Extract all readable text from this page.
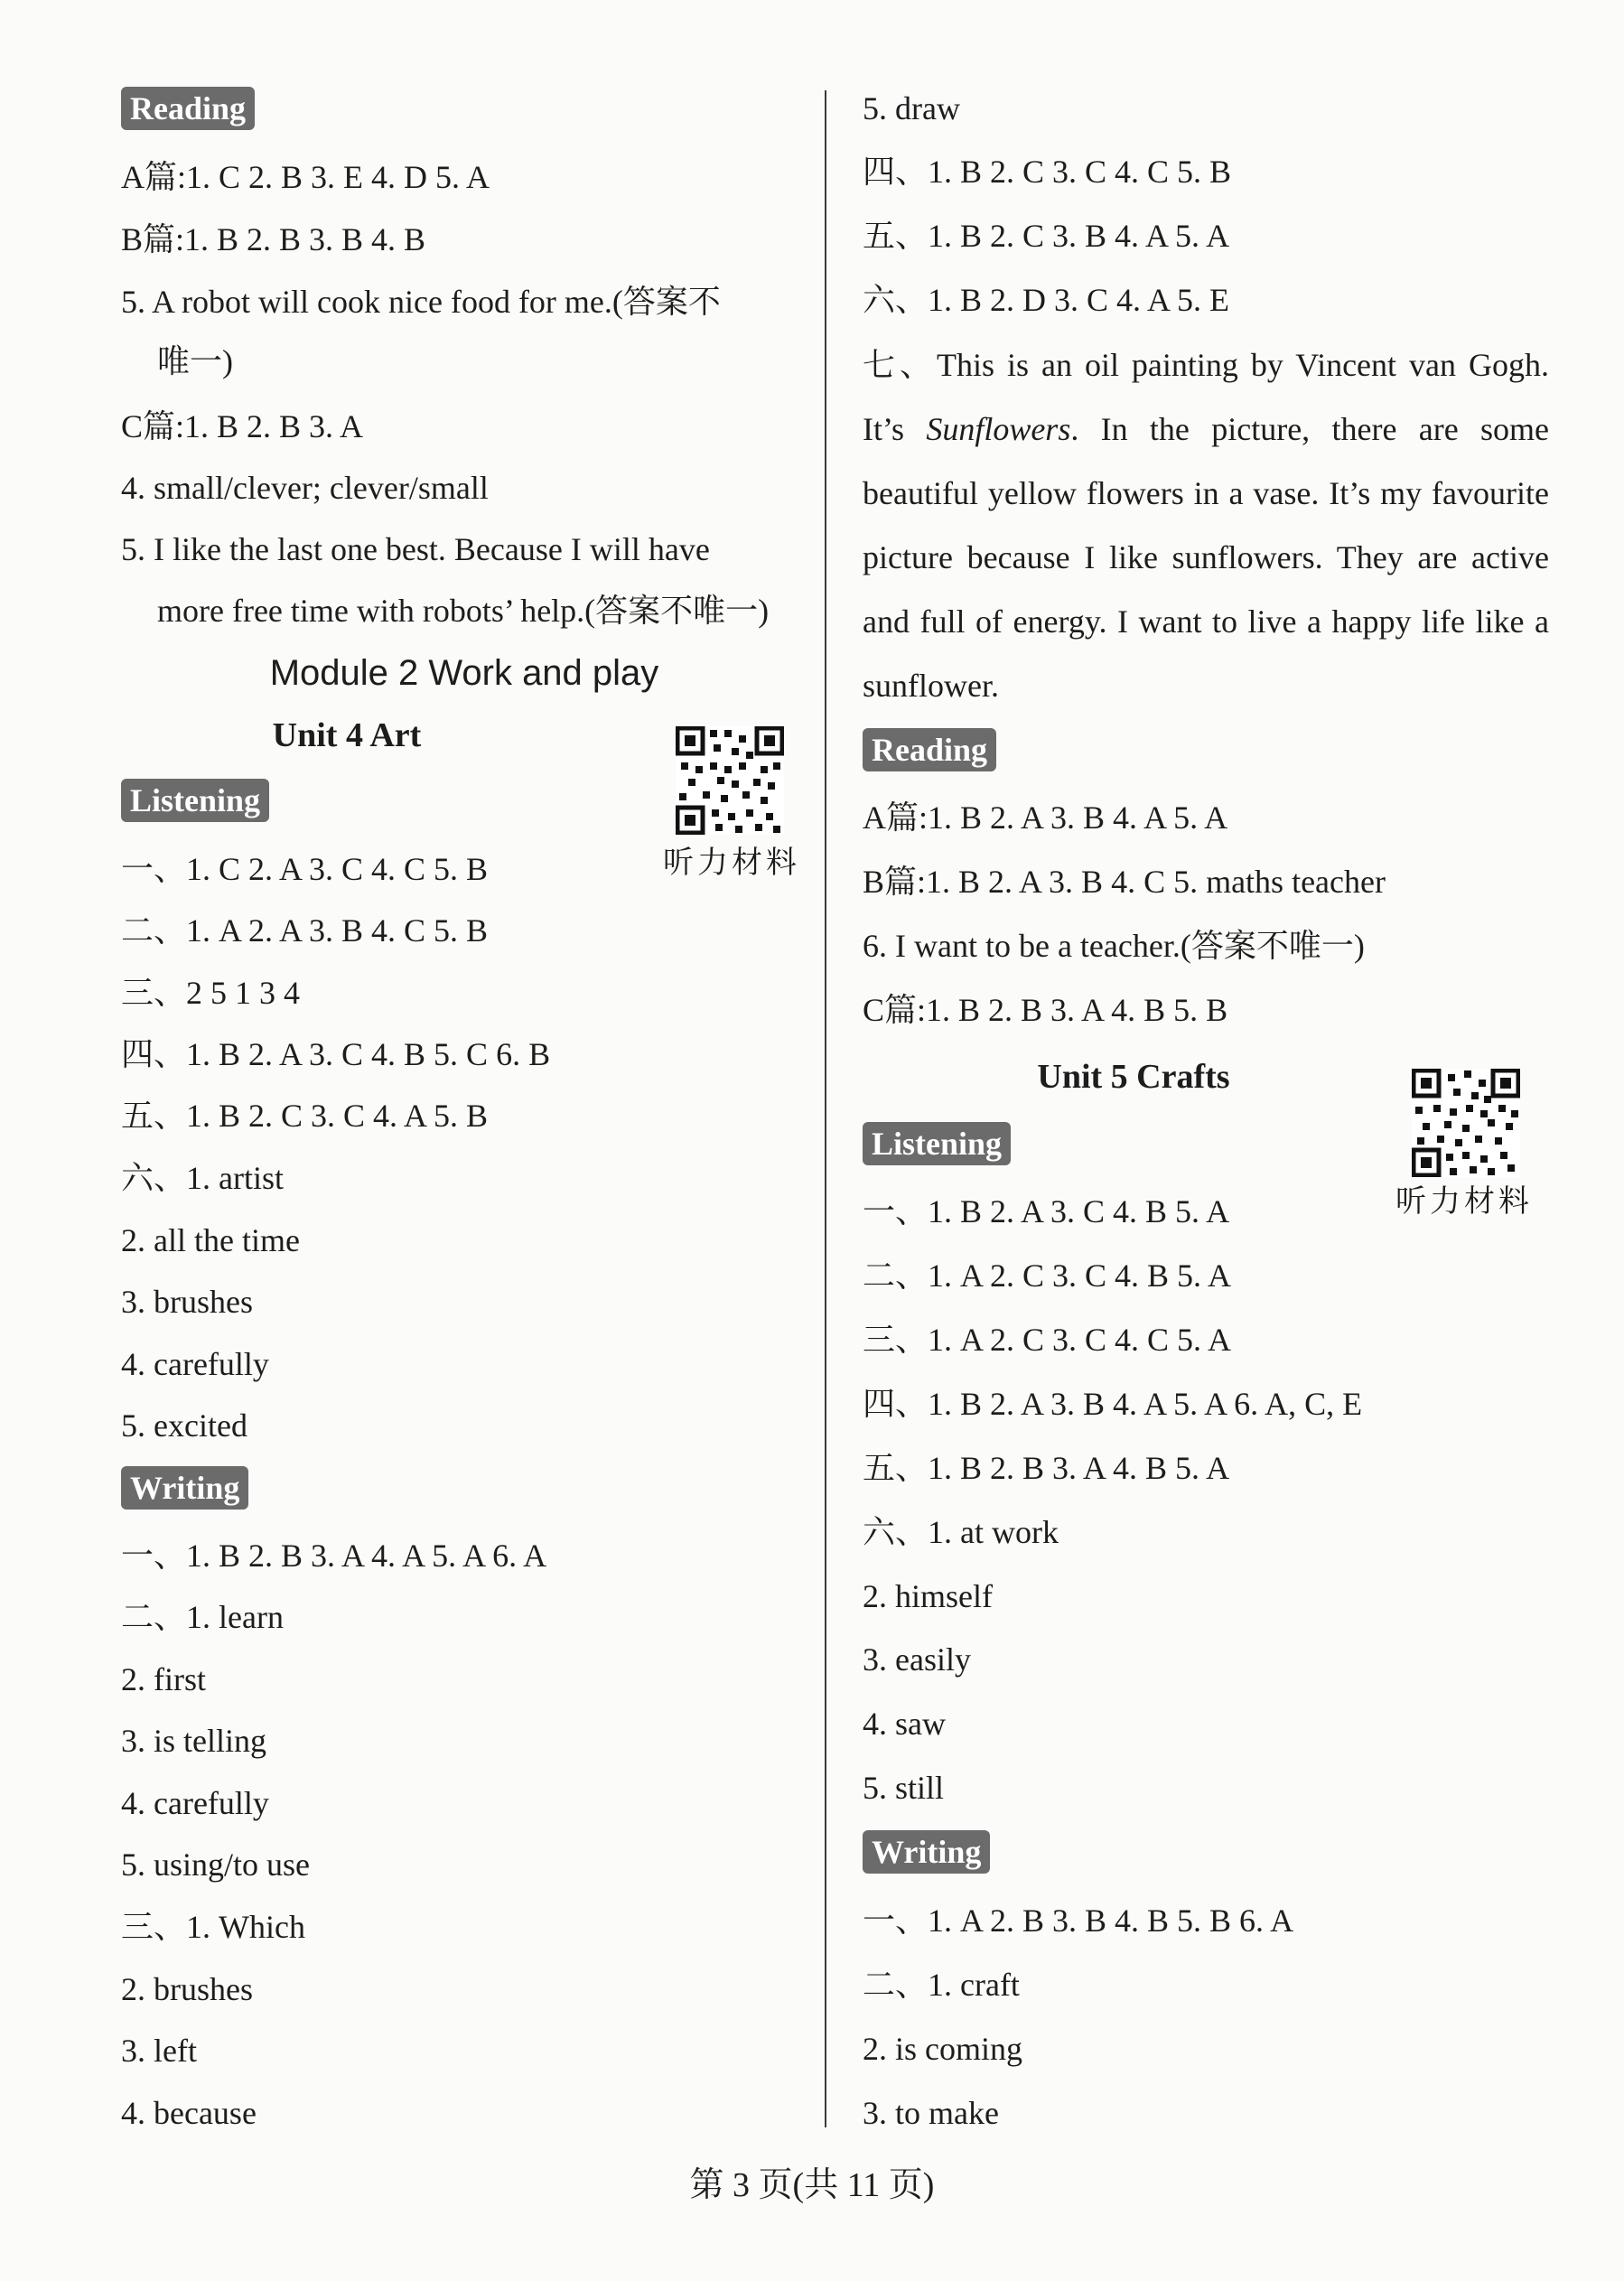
Reading
A篇:1. C 2. B 3. E 4. D 5. A
B篇:1. B 2. B 3. B 4. B
5. A robot will cook nice food for me.(答案不
唯一)
C篇:1. B 2. B 3. A
4. small/clever; clever/small
5. I like the last one best. Because I will have
more free time with robots’ help.(答案不唯一)
Module 2 Work and play
Unit 4 Art
听力材料
Listening
一、1. C 2. A 3. C 4. C 5. B
二、1. A 2. A 3. B 4. C 5. B
三、2 5 1 3 4
四、1. B 2. A 3. C 4. B 5. C 6. B
五、1. B 2. C 3. C 4. A 5. B
六、1. artist
2. all the time
3. brushes
4. carefully
5. excited
Writing
一、1. B 2. B 3. A 4. A 5. A 6. A
二、1. learn
2. first
3. is telling
4. carefully
5. using/to use
三、1. Which
2. brushes
3. left
4. because
5. draw
四、1. B 2. C 3. C 4. C 5. B
五、1. B 2. C 3. B 4. A 5. A
六、1. B 2. D 3. C 4. A 5. E
七、This is an oil painting by Vincent van Gogh. It’s Sunflowers. In the picture, there are some beautiful yellow flowers in a vase. It’s my favourite picture because I like sunflowers. They are active and full of energy. I want to live a happy life like a sunflower.
Reading
A篇:1. B 2. A 3. B 4. A 5. A
B篇:1. B 2. A 3. B 4. C 5. maths teacher
6. I want to be a teacher.(答案不唯一)
C篇:1. B 2. B 3. A 4. B 5. B
Unit 5 Crafts
听力材料
Listening
一、1. B 2. A 3. C 4. B 5. A
二、1. A 2. C 3. C 4. B 5. A
三、1. A 2. C 3. C 4. C 5. A
四、1. B 2. A 3. B 4. A 5. A 6. A, C, E
五、1. B 2. B 3. A 4. B 5. A
六、1. at work
2. himself
3. easily
4. saw
5. still
Writing
一、1. A 2. B 3. B 4. B 5. B 6. A
二、1. craft
2. is coming
3. to make
第 3 页(共 11 页)
